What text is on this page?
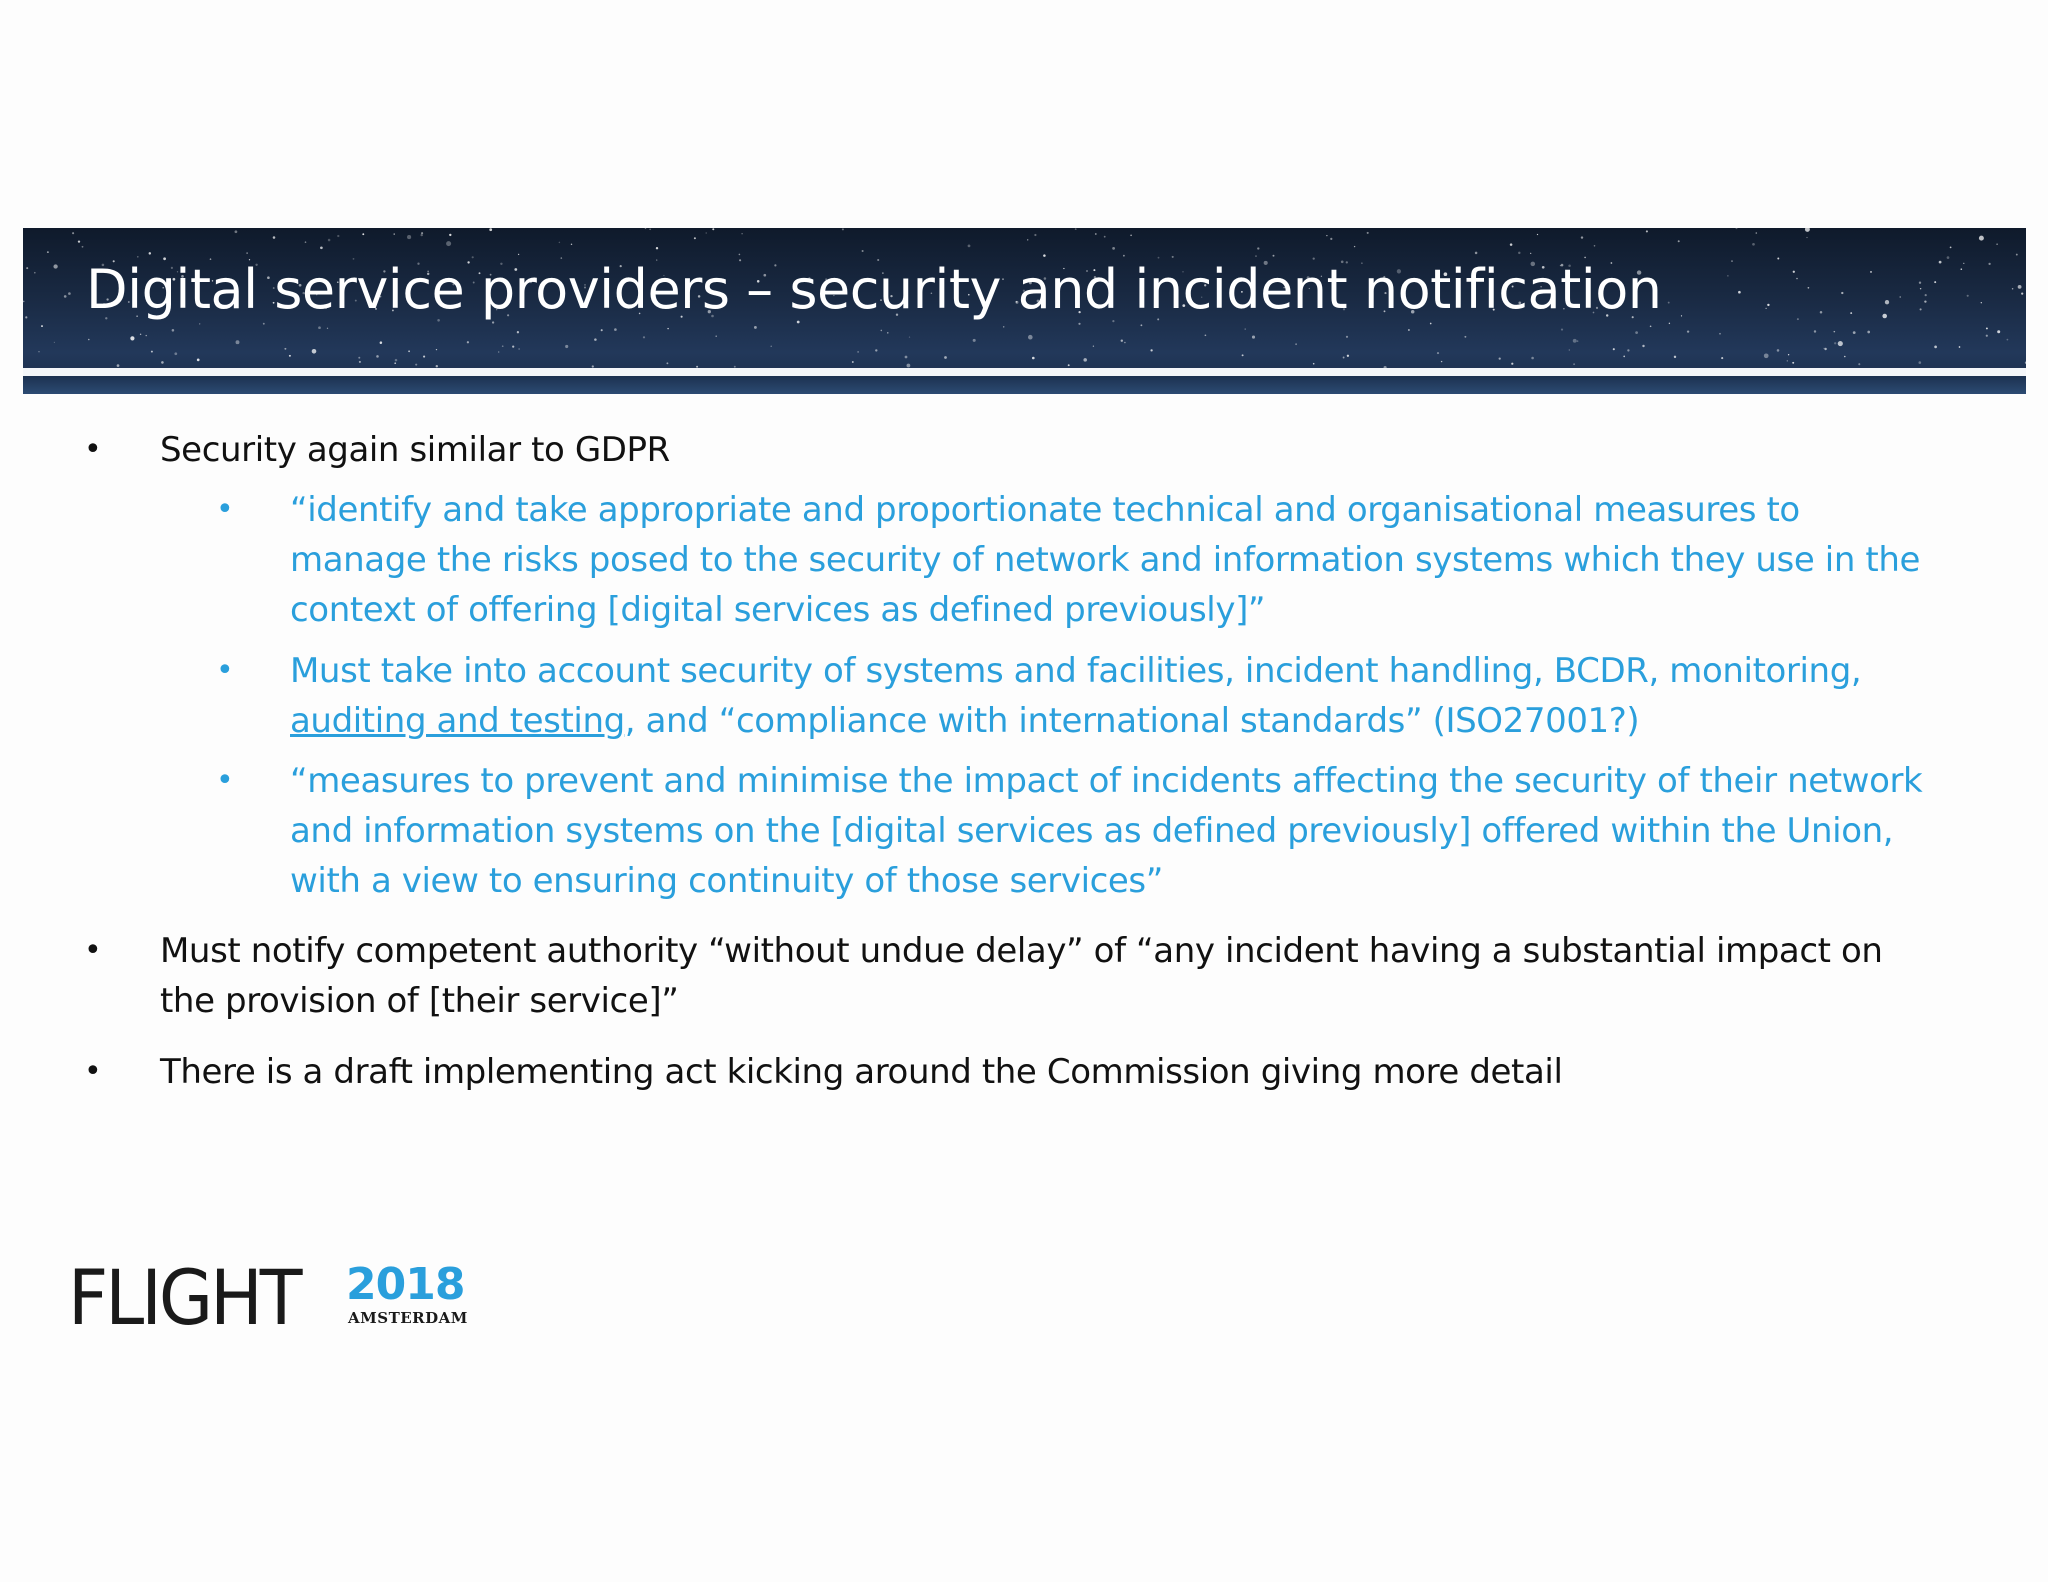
Digital service providers – security and incident notification
• Security again similar to GDPR
• “identify and take appropriate and proportionate technical and organisational measures to
manage the risks posed to the security of network and information systems which they use in the
context of offering [digital services as defined previously]”
• Must take into account security of systems and facilities, incident handling, BCDR, monitoring,
auditing and testing, and “compliance with international standards” (ISO27001?)
• “measures to prevent and minimise the impact of incidents affecting the security of their network
and information systems on the [digital services as defined previously] offered within the Union,
with a view to ensuring continuity of those services”
• Must notify competent authority “without undue delay” of “any incident having a substantial impact on
the provision of [their service]”
• There is a draft implementing act kicking around the Commission giving more detail
FLIGHT 2018
AMSTERDAM
